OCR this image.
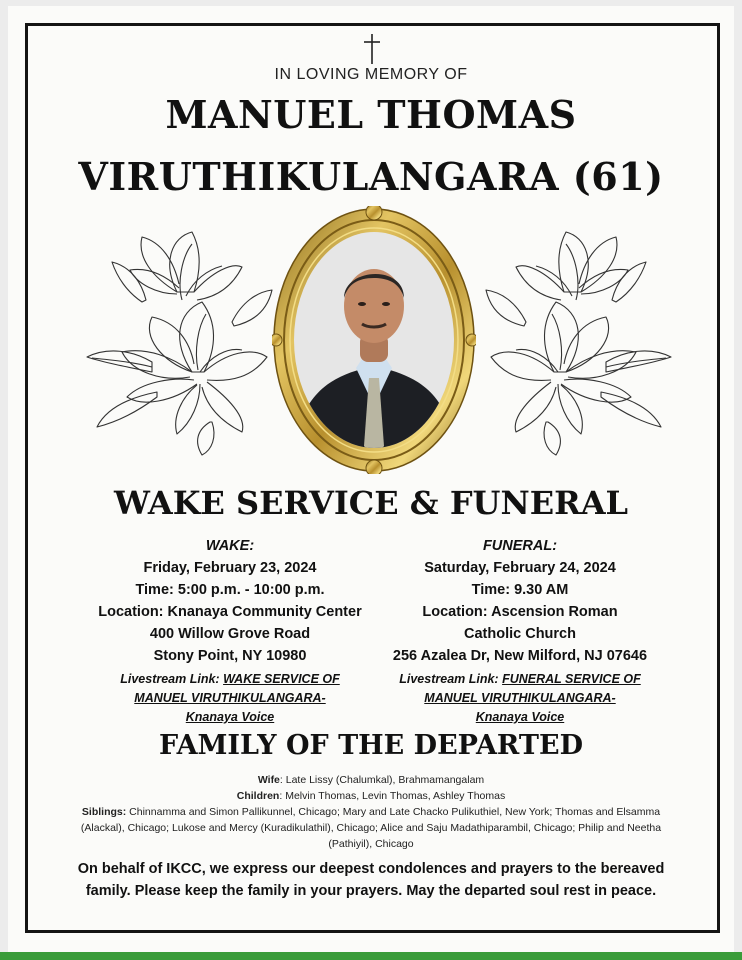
IN LOVING MEMORY OF
MANUEL THOMAS
VIRUTHIKULANGARA (61)
WAKE SERVICE & FUNERAL
WAKE:
Friday, February 23, 2024
Time: 5:00 p.m. - 10:00 p.m.
Location: Knanaya Community Center
400 Willow Grove Road
Stony Point, NY 10980
Livestream Link: WAKE SERVICE OF
MANUEL VIRUTHIKULANGARA-
Knanaya Voice
FUNERAL:
Saturday, February 24, 2024
Time: 9.30 AM
Location: Ascension Roman
Catholic Church
256 Azalea Dr, New Milford, NJ 07646
Livestream Link: FUNERAL SERVICE OF
MANUEL VIRUTHIKULANGARA-
Knanaya Voice
FAMILY OF THE DEPARTED
Wife: Late Lissy (Chalumkal), Brahmamangalam
Children: Melvin Thomas, Levin Thomas, Ashley Thomas
Siblings: Chinnamma and Simon Pallikunnel, Chicago; Mary and Late Chacko Pulikuthiel, New York; Thomas and Elsamma (Alackal), Chicago; Lukose and Mercy (Kuradikulathil), Chicago; Alice and Saju Madathiparambil, Chicago; Philip and Neetha (Pathiyil), Chicago
On behalf of IKCC, we express our deepest condolences and prayers to the bereaved family. Please keep the family in your prayers. May the departed soul rest in peace.
